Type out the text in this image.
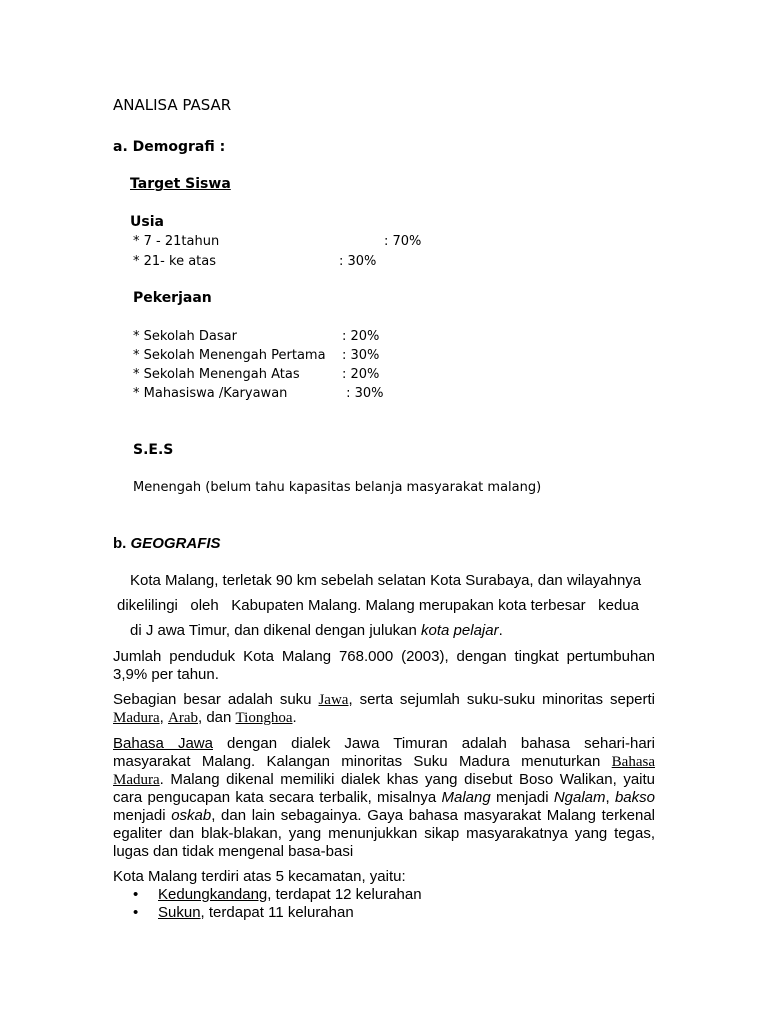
ANALISA PASAR
a. Demografi :
Target Siswa
Usia
* 7 - 21tahun	: 70%
* 21- ke atas	: 30%
Pekerjaan
* Sekolah Dasar	: 20%
* Sekolah Menengah Pertama : 30%
* Sekolah Menengah Atas	: 20%
* Mahasiswa /Karyawan	: 30%
S.E.S
Menengah (belum tahu kapasitas belanja masyarakat malang)
b. GEOGRAFIS
Kota Malang, terletak 90 km sebelah selatan Kota Surabaya, dan wilayahnya
dikelilingi   oleh   Kabupaten Malang. Malang merupakan kota terbesar   kedua
di J awa Timur, dan dikenal dengan julukan kota pelajar.
Jumlah penduduk Kota Malang 768.000 (2003), dengan tingkat pertumbuhan 3,9% per tahun.
Sebagian besar adalah suku Jawa, serta sejumlah suku-suku minoritas seperti Madura, Arab, dan Tionghoa.
Bahasa Jawa dengan dialek Jawa Timuran adalah bahasa sehari-hari masyarakat Malang. Kalangan minoritas Suku Madura menuturkan Bahasa Madura. Malang dikenal memiliki dialek khas yang disebut Boso Walikan, yaitu cara pengucapan kata secara terbalik, misalnya Malang menjadi Ngalam, bakso menjadi oskab, dan lain sebagainya. Gaya bahasa masyarakat Malang terkenal egaliter dan blak-blakan, yang menunjukkan sikap masyarakatnya yang tegas, lugas dan tidak mengenal basa-basi
Kota Malang terdiri atas 5 kecamatan, yaitu:
• Kedungkandang, terdapat 12 kelurahan
• Sukun, terdapat 11 kelurahan
